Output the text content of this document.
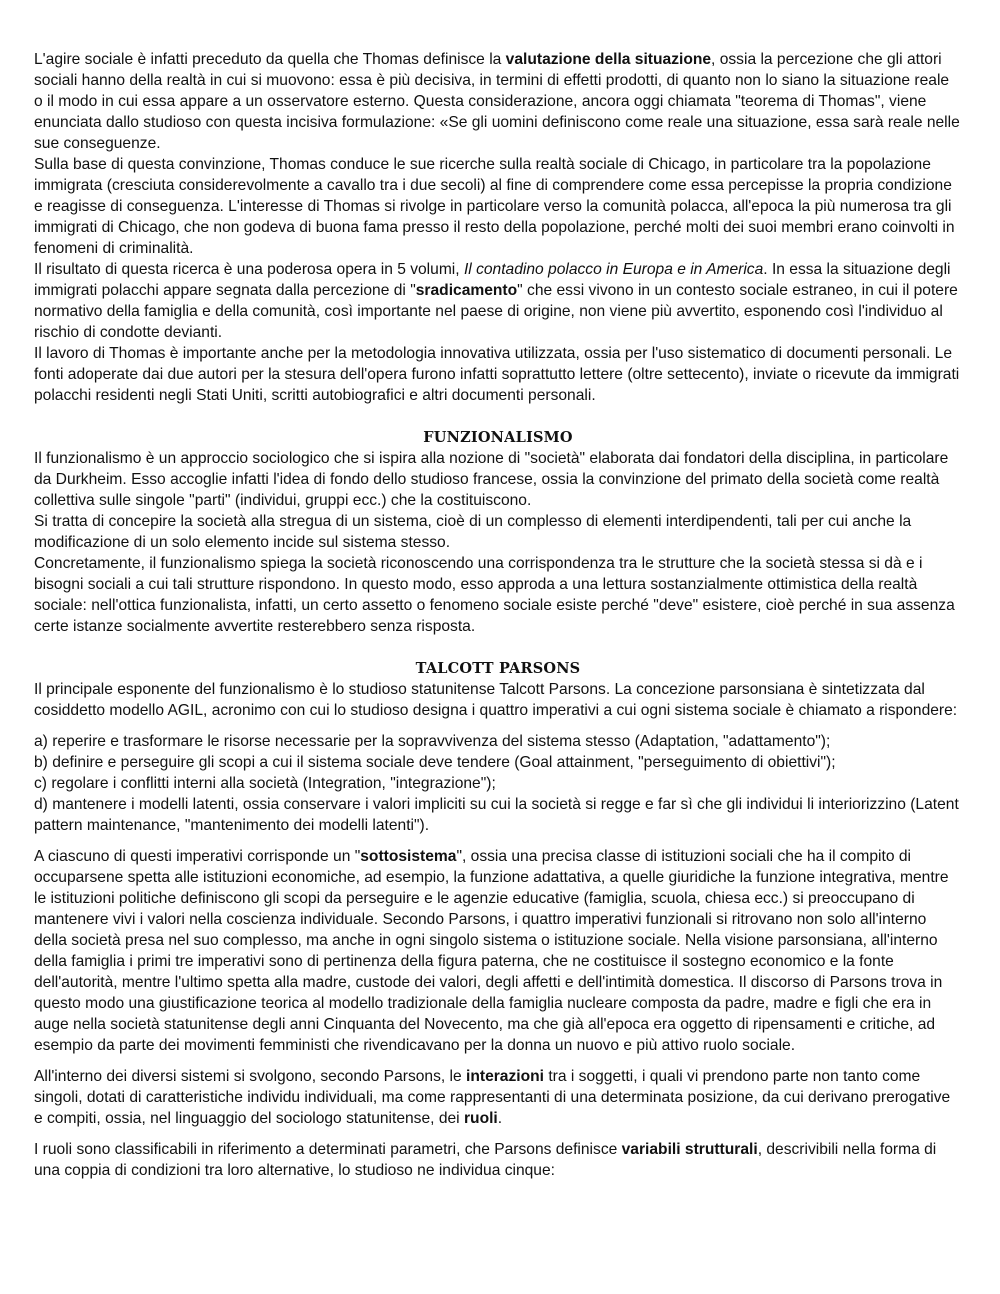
L'agire sociale è infatti preceduto da quella che Thomas definisce la valutazione della situazione, ossia la percezione che gli attori sociali hanno della realtà in cui si muovono: essa è più decisiva, in termini di effetti prodotti, di quanto non lo siano la situazione reale o il modo in cui essa appare a un osservatore esterno. Questa considerazione, ancora oggi chiamata "teorema di Thomas", viene enunciata dallo studioso con questa incisiva formulazione: «Se gli uomini definiscono come reale una situazione, essa sarà reale nelle sue conseguenze.

Sulla base di questa convinzione, Thomas conduce le sue ricerche sulla realtà sociale di Chicago, in particolare tra la popolazione immigrata (cresciuta considerevolmente a cavallo tra i due secoli) al fine di comprendere come essa percepisse la propria condizione e reagisse di conseguenza. L'interesse di Thomas si rivolge in particolare verso la comunità polacca, all'epoca la più numerosa tra gli immigrati di Chicago, che non godeva di buona fama presso il resto della popolazione, perché molti dei suoi membri erano coinvolti in fenomeni di criminalità.

Il risultato di questa ricerca è una poderosa opera in 5 volumi, Il contadino polacco in Europa e in America. In essa la situazione degli immigrati polacchi appare segnata dalla percezione di "sradicamento" che essi vivono in un contesto sociale estraneo, in cui il potere normativo della famiglia e della comunità, così importante nel paese di origine, non viene più avvertito, esponendo così l'individuo al rischio di condotte devianti.

Il lavoro di Thomas è importante anche per la metodologia innovativa utilizzata, ossia per l'uso sistematico di documenti personali. Le fonti adoperate dai due autori per la stesura dell'opera furono infatti soprattutto lettere (oltre settecento), inviate o ricevute da immigrati polacchi residenti negli Stati Uniti, scritti autobiografici e altri documenti personali.

FUNZIONALISMO

Il funzionalismo è un approccio sociologico che si ispira alla nozione di "società" elaborata dai fondatori della disciplina, in particolare da Durkheim. Esso accoglie infatti l'idea di fondo dello studioso francese, ossia la convinzione del primato della società come realtà collettiva sulle singole "parti" (individui, gruppi ecc.) che la costituiscono.

Si tratta di concepire la società alla stregua di un sistema, cioè di un complesso di elementi interdipendenti, tali per cui anche la modificazione di un solo elemento incide sul sistema stesso.

Concretamente, il funzionalismo spiega la società riconoscendo una corrispondenza tra le strutture che la società stessa si dà e i bisogni sociali a cui tali strutture rispondono. In questo modo, esso approda a una lettura sostanzialmente ottimistica della realtà sociale: nell'ottica funzionalista, infatti, un certo assetto o fenomeno sociale esiste perché "deve" esistere, cioè perché in sua assenza certe istanze socialmente avvertite resterebbero senza risposta.

TALCOTT PARSONS

Il principale esponente del funzionalismo è lo studioso statunitense Talcott Parsons. La concezione parsonsiana è sintetizzata dal cosiddetto modello AGIL, acronimo con cui lo studioso designa i quattro imperativi a cui ogni sistema sociale è chiamato a rispondere:

a) reperire e trasformare le risorse necessarie per la sopravvivenza del sistema stesso (Adaptation, "adattamento");

b) definire e perseguire gli scopi a cui il sistema sociale deve tendere (Goal attainment, "perseguimento di obiettivi");

c) regolare i conflitti interni alla società (Integration, "integrazione");

d) mantenere i modelli latenti, ossia conservare i valori impliciti su cui la società si regge e far sì che gli individui li interiorizzino (Latent pattern maintenance, "mantenimento dei modelli latenti").

A ciascuno di questi imperativi corrisponde un "sottosistema", ossia una precisa classe di istituzioni sociali che ha il compito di occuparsene spetta alle istituzioni economiche, ad esempio, la funzione adattativa, a quelle giuridiche la funzione integrativa, mentre le istituzioni politiche definiscono gli scopi da perseguire e le agenzie educative (famiglia, scuola, chiesa ecc.) si preoccupano di mantenere vivi i valori nella coscienza individuale. Secondo Parsons, i quattro imperativi funzionali si ritrovano non solo all'interno della società presa nel suo complesso, ma anche in ogni singolo sistema o istituzione sociale. Nella visione parsonsiana, all'interno della famiglia i primi tre imperativi sono di pertinenza della figura paterna, che ne costituisce il sostegno economico e la fonte dell'autorità, mentre l'ultimo spetta alla madre, custode dei valori, degli affetti e dell'intimità domestica. Il discorso di Parsons trova in questo modo una giustificazione teorica al modello tradizionale della famiglia nucleare composta da padre, madre e figli che era in auge nella società statunitense degli anni Cinquanta del Novecento, ma che già all'epoca era oggetto di ripensamenti e critiche, ad esempio da parte dei movimenti femministi che rivendicavano per la donna un nuovo e più attivo ruolo sociale.

All'interno dei diversi sistemi si svolgono, secondo Parsons, le interazioni tra i soggetti, i quali vi prendono parte non tanto come singoli, dotati di caratteristiche individu individuali, ma come rappresentanti di una determinata posizione, da cui derivano prerogative e compiti, ossia, nel linguaggio del sociologo statunitense, dei ruoli.

I ruoli sono classificabili in riferimento a determinati parametri, che Parsons definisce variabili strutturali, descrivibili nella forma di una coppia di condizioni tra loro alternative, lo studioso ne individua cinque:
